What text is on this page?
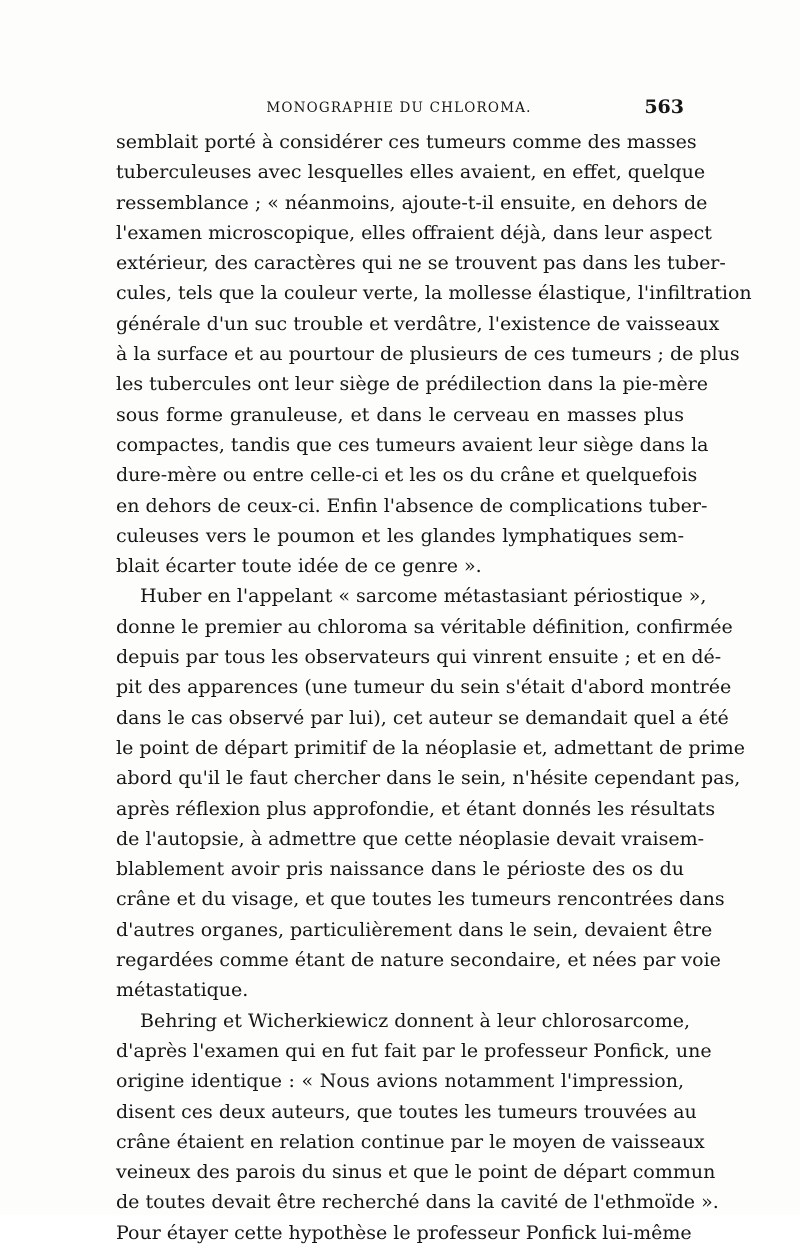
MONOGRAPHIE DU CHLOROMA.	563
semblait porté à considérer ces tumeurs comme des masses
tuberculeuses avec lesquelles elles avaient, en effet, quelque
ressemblance ; « néanmoins, ajoute-t-il ensuite, en dehors de
l'examen microscopique, elles offraient déjà, dans leur aspect
extérieur, des caractères qui ne se trouvent pas dans les tuber-
cules, tels que la couleur verte, la mollesse élastique, l'infiltration
générale d'un suc trouble et verdâtre, l'existence de vaisseaux
à la surface et au pourtour de plusieurs de ces tumeurs ; de plus
les tubercules ont leur siège de prédilection dans la pie-mère
sous forme granuleuse, et dans le cerveau en masses plus
compactes, tandis que ces tumeurs avaient leur siège dans la
dure-mère ou entre celle-ci et les os du crâne et quelquefois
en dehors de ceux-ci. Enfin l'absence de complications tuber-
culeuses vers le poumon et les glandes lymphatiques sem-
blait écarter toute idée de ce genre ».
Huber en l'appelant « sarcome métastasiant périostique »,
donne le premier au chloroma sa véritable définition, confirmée
depuis par tous les observateurs qui vinrent ensuite ; et en dé-
pit des apparences (une tumeur du sein s'était d'abord montrée
dans le cas observé par lui), cet auteur se demandait quel a été
le point de départ primitif de la néoplasie et, admettant de prime
abord qu'il le faut chercher dans le sein, n'hésite cependant pas,
après réflexion plus approfondie, et étant donnés les résultats
de l'autopsie, à admettre que cette néoplasie devait vraisem-
blablement avoir pris naissance dans le périoste des os du
crâne et du visage, et que toutes les tumeurs rencontrées dans
d'autres organes, particulièrement dans le sein, devaient être
regardées comme étant de nature secondaire, et nées par voie
métastatique.
Behring et Wicherkiewicz donnent à leur chlorosarcome,
d'après l'examen qui en fut fait par le professeur Ponfick, une
origine identique : « Nous avions notamment l'impression,
disent ces deux auteurs, que toutes les tumeurs trouvées au
crâne étaient en relation continue par le moyen de vaisseaux
veineux des parois du sinus et que le point de départ commun
de toutes devait être recherché dans la cavité de l'ethmoïde ».
Pour étayer cette hypothèse le professeur Ponfick lui-même
